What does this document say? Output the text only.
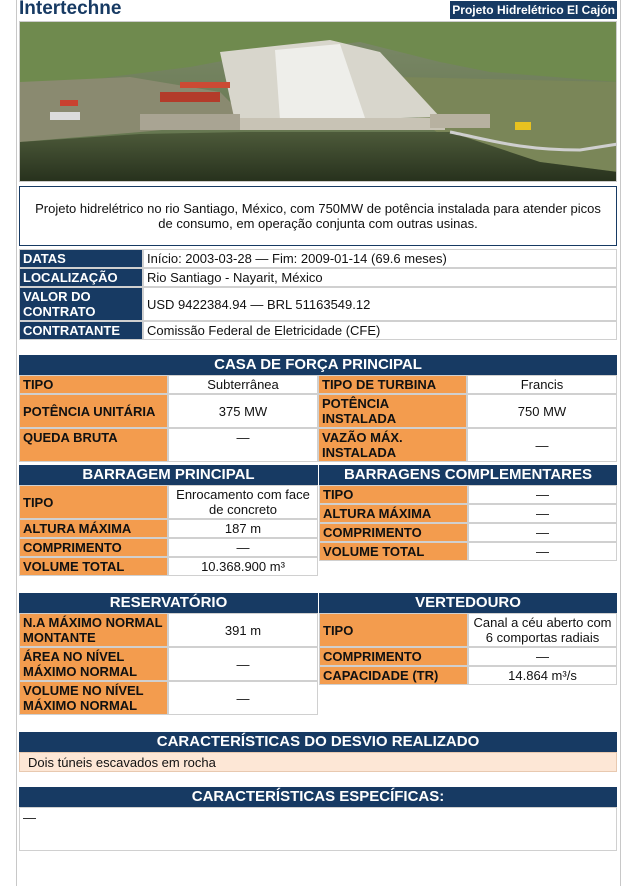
Intertechne	Projeto Hidrelétrico El Cajón
Projeto hidrelétrico no rio Santiago, México, com 750MW de potência instalada para atender picos de consumo, em operação conjunta com outras usinas.
DATAS	Início: 2003-03-28 — Fim: 2009-01-14 (69.6 meses)
LOCALIZAÇÃO	Rio Santiago - Nayarit, México
VALOR DO CONTRATO	USD 9422384.94 — BRL 51163549.12
CONTRATANTE	Comissão Federal de Eletricidade (CFE)
CASA DE FORÇA PRINCIPAL
TIPO	Subterrânea	TIPO DE TURBINA	Francis
POTÊNCIA UNITÁRIA	375 MW	POTÊNCIA INSTALADA	750 MW
QUEDA BRUTA	—	VAZÃO MÁX. INSTALADA	—
BARRAGEM PRINCIPAL
TIPO	Enrocamento com face de concreto
ALTURA MÁXIMA	187 m
COMPRIMENTO	—
VOLUME TOTAL	10.368.900 m³
BARRAGENS COMPLEMENTARES
TIPO	—
ALTURA MÁXIMA	—
COMPRIMENTO	—
VOLUME TOTAL	—
RESERVATÓRIO
N.A MÁXIMO NORMAL MONTANTE	391 m
ÁREA NO NÍVEL MÁXIMO NORMAL	—
VOLUME NO NÍVEL MÁXIMO NORMAL	—
VERTEDOURO
TIPO	Canal a céu aberto com 6 comportas radiais
COMPRIMENTO	—
CAPACIDADE (TR)	14.864 m³/s
CARACTERÍSTICAS DO DESVIO REALIZADO
Dois túneis escavados em rocha
CARACTERÍSTICAS ESPECÍFICAS:
—
